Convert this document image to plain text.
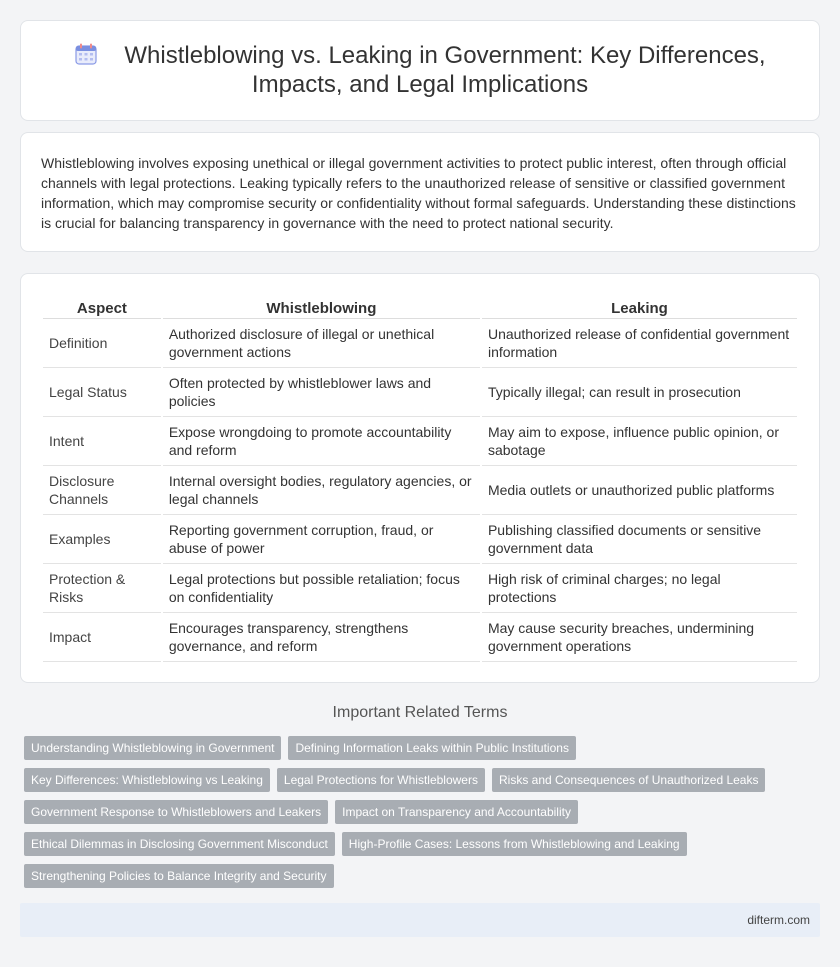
Whistleblowing vs. Leaking in Government: Key Differences,
Impacts, and Legal Implications

Whistleblowing involves exposing unethical or illegal government activities to protect public interest, often through official channels with legal protections. Leaking typically refers to the unauthorized release of sensitive or classified government information, which may compromise security or confidentiality without formal safeguards. Understanding these distinctions is crucial for balancing transparency in governance with the need to protect national security.

Aspect	Whistleblowing	Leaking
Definition	Authorized disclosure of illegal or unethical government actions	Unauthorized release of confidential government information
Legal Status	Often protected by whistleblower laws and policies	Typically illegal; can result in prosecution
Intent	Expose wrongdoing to promote accountability and reform	May aim to expose, influence public opinion, or sabotage
Disclosure Channels	Internal oversight bodies, regulatory agencies, or legal channels	Media outlets or unauthorized public platforms
Examples	Reporting government corruption, fraud, or abuse of power	Publishing classified documents or sensitive government data
Protection & Risks	Legal protections but possible retaliation; focus on confidentiality	High risk of criminal charges; no legal protections
Impact	Encourages transparency, strengthens governance, and reform	May cause security breaches, undermining government operations
Important Related Terms
Understanding Whistleblowing in Government Defining Information Leaks within Public Institutions
Key Differences: Whistleblowing vs Leaking Legal Protections for Whistleblowers Risks and Consequences of Unauthorized Leaks
Government Response to Whistleblowers and Leakers Impact on Transparency and Accountability
Ethical Dilemmas in Disclosing Government Misconduct High-Profile Cases: Lessons from Whistleblowing and Leaking
Strengthening Policies to Balance Integrity and Security
difterm.com
